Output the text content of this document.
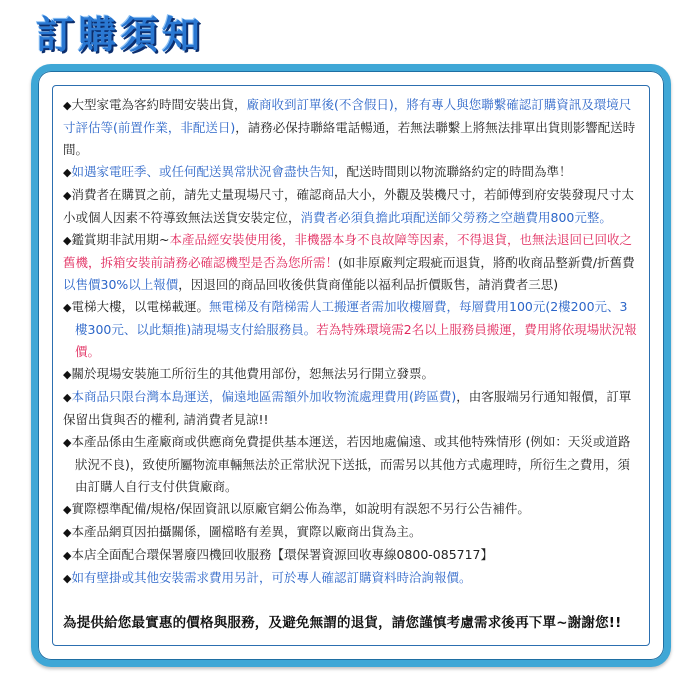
訂購須知

◆大型家電為客約時間安裝出貨，廠商收到訂單後(不含假日)，將有專人與您聯繫確認訂購資訊及環境尺寸評估等(前置作業，非配送日)，請務必保持聯絡電話暢通，若無法聯繫上將無法排單出貨則影響配送時間。

◆如遇家電旺季、或任何配送異常狀況會盡快告知，配送時間則以物流聯絡約定的時間為準！

◆消費者在購買之前，請先丈量現場尺寸，確認商品大小，外觀及裝機尺寸，若師傅到府安裝發現尺寸太小或個人因素不符導致無法送貨安裝定位，消費者必須負擔此項配送師父勞務之空趟費用800元整。

◆鑑賞期非試用期~本產品經安裝使用後，非機器本身不良故障等因素，不得退貨，也無法退回已回收之舊機，拆箱安裝前請務必確認機型是否為您所需！(如非原廠判定瑕疵而退貨，將酌收商品整新費/折舊費以售價30%以上報價，因退回的商品回收後供貨商僅能以福利品折價販售，請消費者三思)

◆電梯大樓，以電梯載運。無電梯及有階梯需人工搬運者需加收樓層費，每層費用100元(2樓200元、3樓300元、以此類推)請現場支付給服務員。若為特殊環境需2名以上服務員搬運，費用將依現場狀況報價。

◆關於現場安裝施工所衍生的其他費用部份，恕無法另行開立發票。

◆本商品只限台灣本島運送，偏遠地區需額外加收物流處理費用(跨區費)，由客服端另行通知報價，訂單保留出貨與否的權利, 請消費者見諒!!

◆本產品係由生產廠商或供應商免費提供基本運送，若因地處偏遠、或其他特殊情形 (例如：天災或道路狀況不良)，致使所屬物流車輛無法於正常狀況下送抵，而需另以其他方式處理時，所衍生之費用，須由訂購人自行支付供貨廠商。

◆實際標準配備/規格/保固資訊以原廠官網公佈為準，如說明有誤恕不另行公告補件。

◆本產品網頁因拍攝關係，圖檔略有差異，實際以廠商出貨為主。

◆本店全面配合環保署廢四機回收服務【環保署資源回收專線0800-085717】

◆如有壁掛或其他安裝需求費用另計，可於專人確認訂購資料時洽詢報價。

為提供給您最實惠的價格與服務，及避免無謂的退貨，請您謹慎考慮需求後再下單~謝謝您!!
